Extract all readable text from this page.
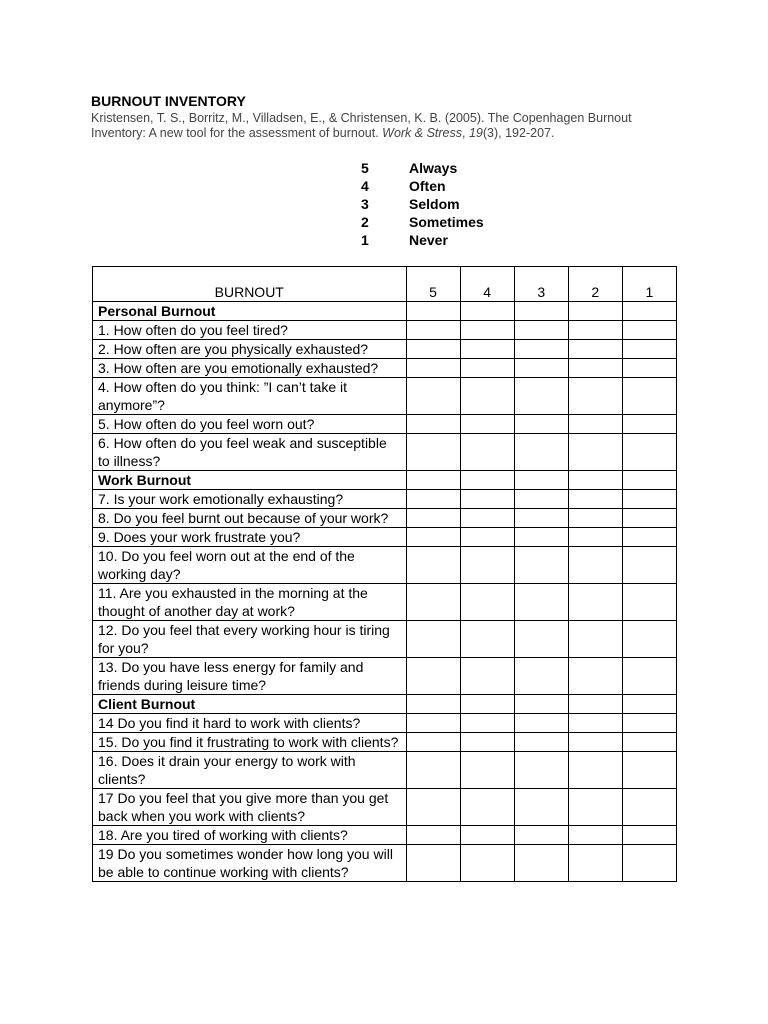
BURNOUT INVENTORY
Kristensen, T. S., Borritz, M., Villadsen, E., & Christensen, K. B. (2005). The Copenhagen Burnout Inventory: A new tool for the assessment of burnout. Work & Stress, 19(3), 192-207.
5	Always
4	Often
3	Seldom
2	Sometimes
1	Never
BURNOUT	5	4	3	2	1
Personal Burnout					
1. How often do you feel tired?					
2. How often are you physically exhausted?					
3. How often are you emotionally exhausted?					
4. How often do you think: ”I can’t take it anymore”?					
5. How often do you feel worn out?					
6. How often do you feel weak and susceptible to illness?					
Work Burnout					
7. Is your work emotionally exhausting?					
8. Do you feel burnt out because of your work?					
9. Does your work frustrate you?					
10. Do you feel worn out at the end of the working day?					
11. Are you exhausted in the morning at the thought of another day at work?					
12. Do you feel that every working hour is tiring for you?					
13. Do you have less energy for family and friends during leisure time?					
Client Burnout					
14 Do you find it hard to work with clients?					
15. Do you find it frustrating to work with clients?					
16. Does it drain your energy to work with clients?					
17 Do you feel that you give more than you get back when you work with clients?					
18. Are you tired of working with clients?					
19 Do you sometimes wonder how long you will be able to continue working with clients?					
